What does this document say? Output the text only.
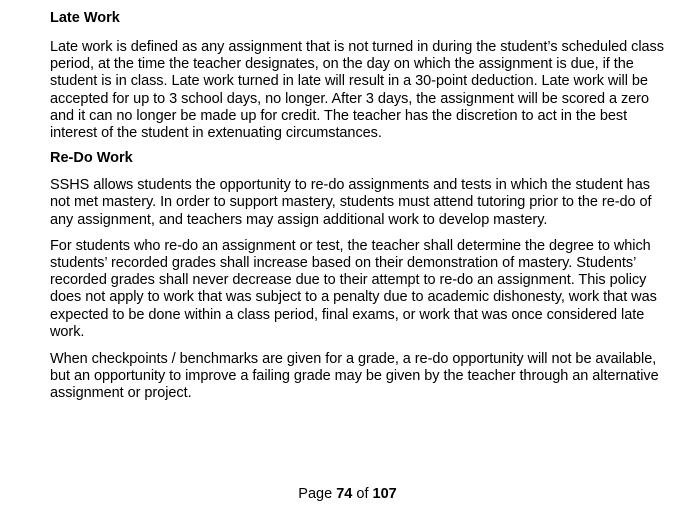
Late Work

Late work is defined as any assignment that is not turned in during the student’s scheduled class period, at the time the teacher designates, on the day on which the assignment is due, if the student is in class. Late work turned in late will result in a 30-point deduction. Late work will be accepted for up to 3 school days, no longer. After 3 days, the assignment will be scored a zero and it can no longer be made up for credit. The teacher has the discretion to act in the best interest of the student in extenuating circumstances.

Re-Do Work

SSHS allows students the opportunity to re-do assignments and tests in which the student has not met mastery. In order to support mastery, students must attend tutoring prior to the re-do of any assignment, and teachers may assign additional work to develop mastery.

For students who re-do an assignment or test, the teacher shall determine the degree to which students’ recorded grades shall increase based on their demonstration of mastery. Students’ recorded grades shall never decrease due to their attempt to re-do an assignment. This policy does not apply to work that was subject to a penalty due to academic dishonesty, work that was expected to be done within a class period, final exams, or work that was once considered late work.

When checkpoints / benchmarks are given for a grade, a re-do opportunity will not be available, but an opportunity to improve a failing grade may be given by the teacher through an alternative assignment or project.

Page 74 of 107
